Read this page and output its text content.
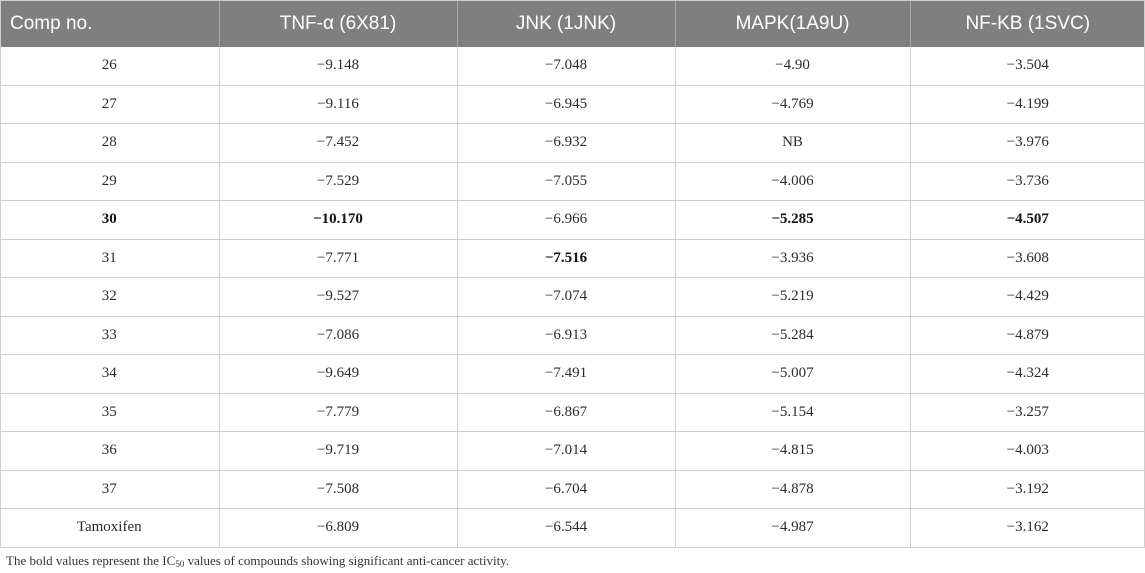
Comp no.	TNF-α (6X81)	JNK (1JNK)	MAPK(1A9U)	NF-KB (1SVC)
26	−9.148	−7.048	−4.90	−3.504
27	−9.116	−6.945	−4.769	−4.199
28	−7.452	−6.932	NB	−3.976
29	−7.529	−7.055	−4.006	−3.736
30	−10.170	−6.966	−5.285	−4.507
31	−7.771	−7.516	−3.936	−3.608
32	−9.527	−7.074	−5.219	−4.429
33	−7.086	−6.913	−5.284	−4.879
34	−9.649	−7.491	−5.007	−4.324
35	−7.779	−6.867	−5.154	−3.257
36	−9.719	−7.014	−4.815	−4.003
37	−7.508	−6.704	−4.878	−3.192
Tamoxifen	−6.809	−6.544	−4.987	−3.162
The bold values represent the $IC_{50}$ values of compounds showing significant anti-cancer activity.
